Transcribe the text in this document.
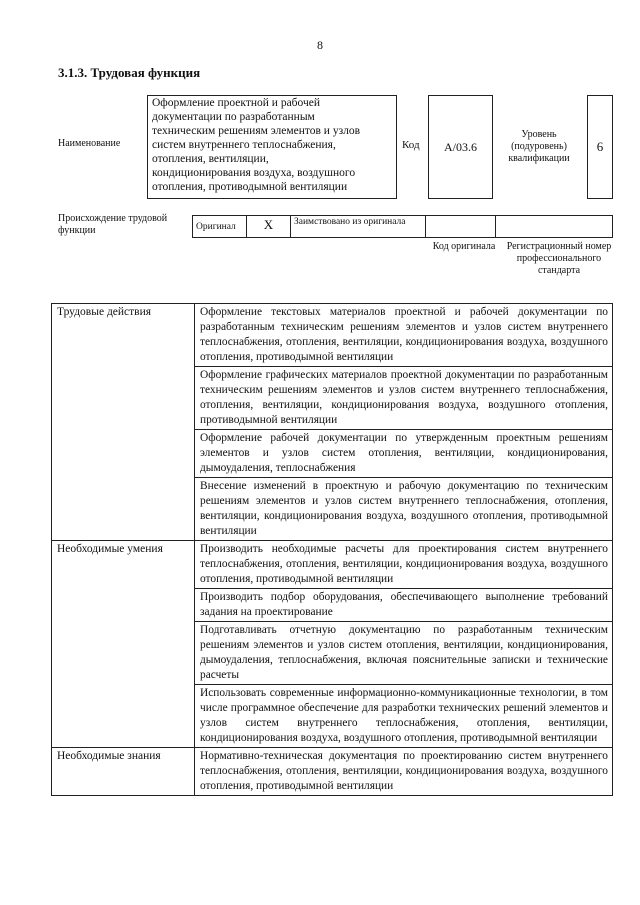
8
3.1.3. Трудовая функция
Наименование
Оформление проектной и рабочей
документации по разработанным
техническим решениям элементов и узлов
систем внутреннего теплоснабжения,
отопления, вентиляции,
кондиционирования воздуха, воздушного
отопления, противодымной вентиляции
Код	A/03.6
Уровень (подуровень) квалификации
6
Происхождение трудовой функции	Оригинал	X	Заимствовано из оригинала		
Код оригинала Регистрационный номер профессионального стандарта
Трудовые действия	Оформление текстовых материалов проектной и рабочей документации по разработанным техническим решениям элементов и узлов систем внутреннего теплоснабжения, отопления, вентиляции, кондиционирования воздуха, воздушного отопления, противодымной вентиляции
	Оформление графических материалов проектной документации по разработанным техническим решениям элементов и узлов систем внутреннего теплоснабжения, отопления, вентиляции, кондиционирования воздуха, воздушного отопления, противодымной вентиляции
	Оформление рабочей документации по утвержденным проектным решениям элементов и узлов систем отопления, вентиляции, кондиционирования, дымоудаления, теплоснабжения
	Внесение изменений в проектную и рабочую документацию по техническим решениям элементов и узлов систем внутреннего теплоснабжения, отопления, вентиляции, кондиционирования воздуха, воздушного отопления, противодымной вентиляции
Необходимые умения	Производить необходимые расчеты для проектирования систем внутреннего теплоснабжения, отопления, вентиляции, кондиционирования воздуха, воздушного отопления, противодымной вентиляции
	Производить подбор оборудования, обеспечивающего выполнение требований задания на проектирование
	Подготавливать отчетную документацию по разработанным техническим решениям элементов и узлов систем отопления, вентиляции, кондиционирования, дымоудаления, теплоснабжения, включая пояснительные записки и технические расчеты
	Использовать современные информационно-коммуникационные технологии, в том числе программное обеспечение для разработки технических решений элементов и узлов систем внутреннего теплоснабжения, отопления, вентиляции, кондиционирования воздуха, воздушного отопления, противодымной вентиляции
Необходимые знания	Нормативно-техническая документация по проектированию систем внутреннего теплоснабжения, отопления, вентиляции, кондиционирования воздуха, воздушного отопления, противодымной вентиляции
